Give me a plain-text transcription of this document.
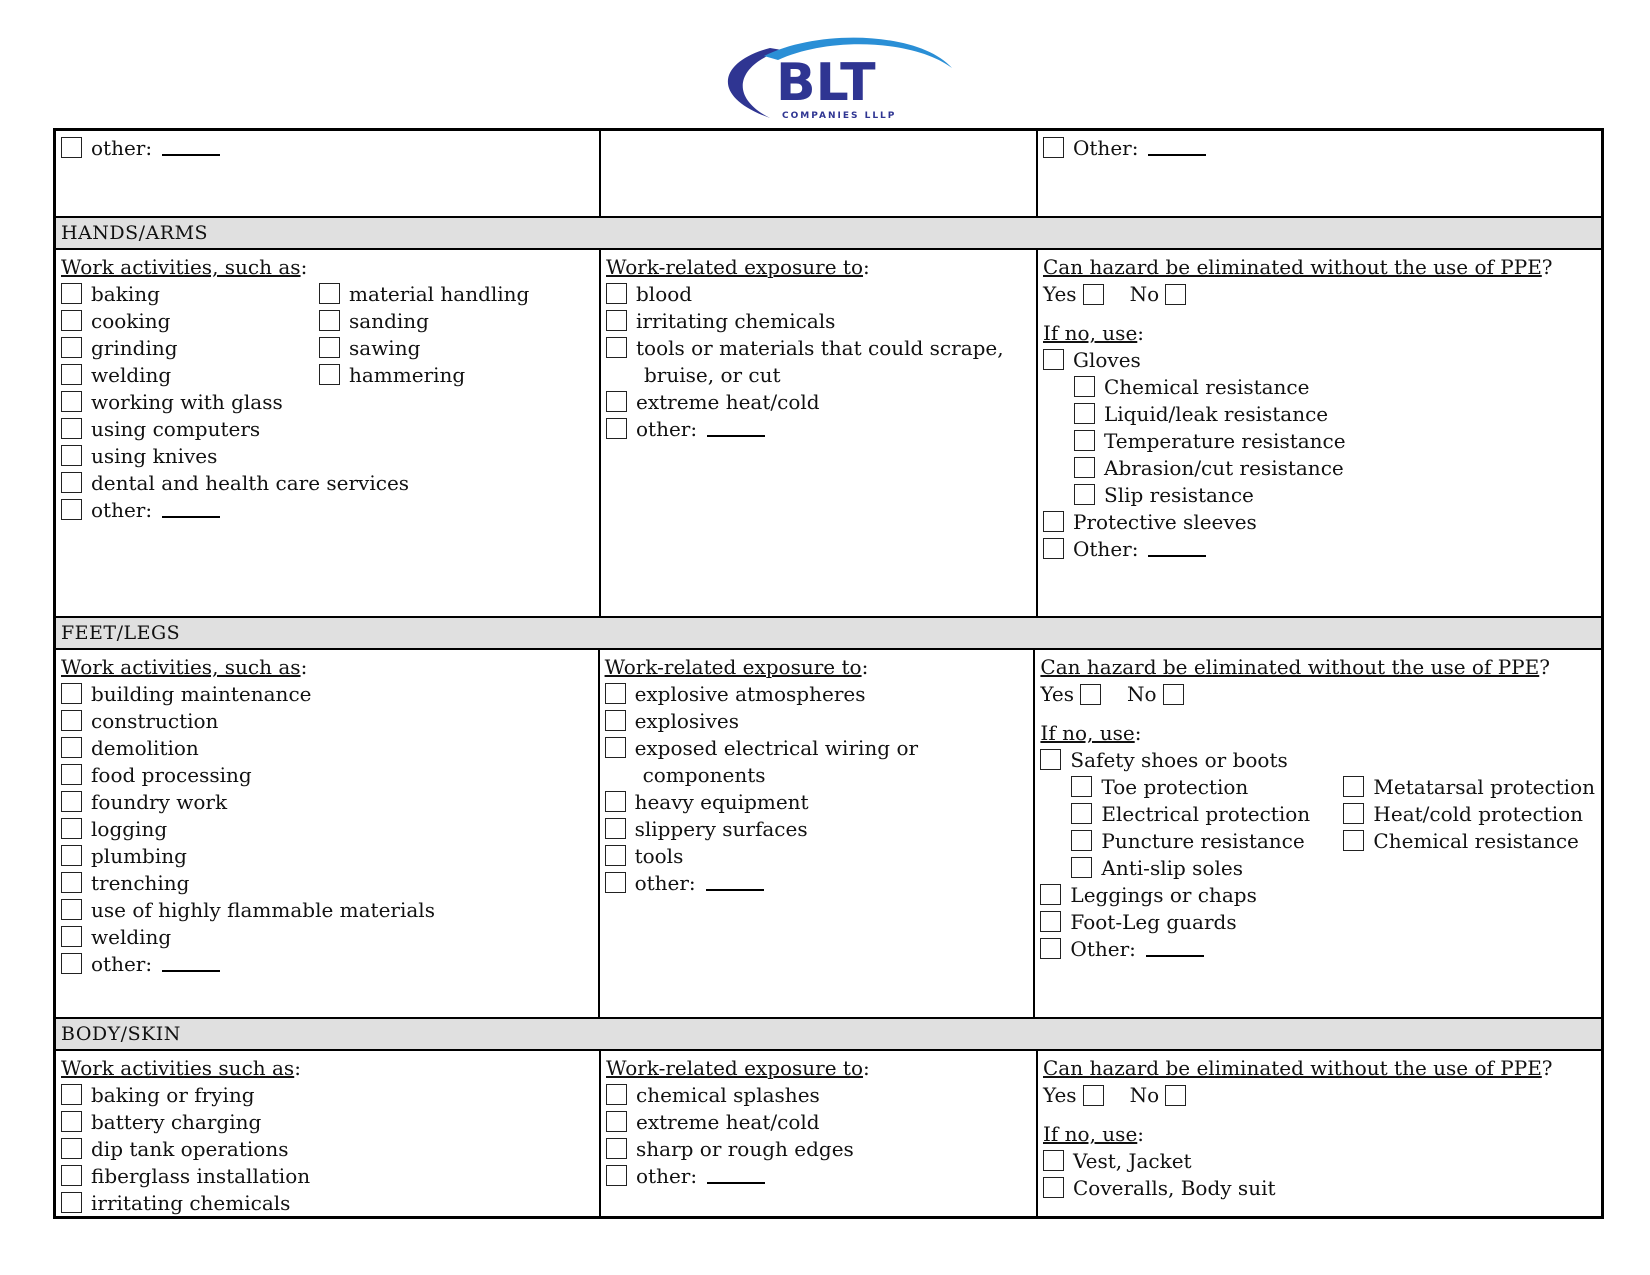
BLT
COMPANIES LLLP
other:	Other:
HANDS/ARMS
Work activities, such as:
baking
cooking
grinding
welding
material handling
sanding
sawing
hammering
working with glass
using computers
using knives
dental and health care services
other:
Work-related exposure to:
blood
irritating chemicals
tools or materials that could scrape,
bruise, or cut
extreme heat/cold
other:
Can hazard be eliminated without the use of PPE?
Yes	No
If no, use:
Gloves
Chemical resistance
Liquid/leak resistance
Temperature resistance
Abrasion/cut resistance
Slip resistance
Protective sleeves
Other:
FEET/LEGS
Work activities, such as:
building maintenance
construction
demolition
food processing
foundry work
logging
plumbing
trenching
use of highly flammable materials
welding
other:
Work-related exposure to:
explosive atmospheres
explosives
exposed electrical wiring or
components
heavy equipment
slippery surfaces
tools
other:
Can hazard be eliminated without the use of PPE?
Yes	No
If no, use:
Safety shoes or boots
Toe protection
Electrical protection
Puncture resistance
Anti-slip soles
Metatarsal protection
Heat/cold protection
Chemical resistance
Leggings or chaps
Foot-Leg guards
Other:
BODY/SKIN
Work activities such as:
baking or frying
battery charging
dip tank operations
fiberglass installation
irritating chemicals
Work-related exposure to:
chemical splashes
extreme heat/cold
sharp or rough edges
other:
Can hazard be eliminated without the use of PPE?
Yes	No
If no, use:
Vest, Jacket
Coveralls, Body suit
